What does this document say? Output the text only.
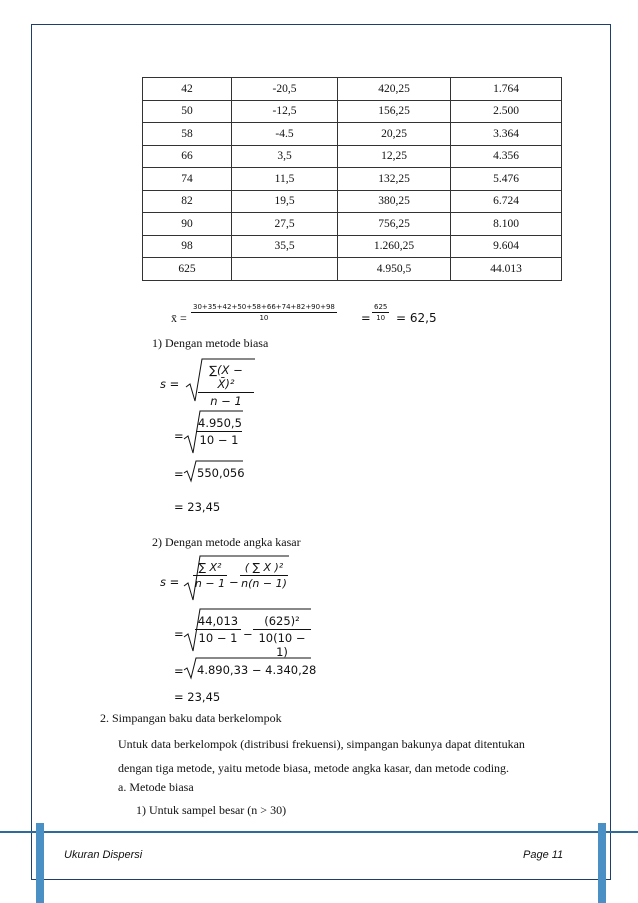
42	-20,5	420,25	1.764
50	-12,5	156,25	2.500
58	-4.5	20,25	3.364
66	3,5	12,25	4.356
74	11,5	132,25	5.476
82	19,5	380,25	6.724
90	27,5	756,25	8.100
98	35,5	1.260,25	9.604
625		4.950,5	44.013
x̄ = $\frac{30+35+42+50+58+66+74+82+90+98}{10} = \frac{625}{10} = 62,5$
1) Dengan metode biasa
$s = \frac{\text{∑(X − X̄)²}}{n - 1}$
= $\frac{4.950,5}{10 - 1}$
= 550,056
= 23,45
2) Dengan metode angka kasar
$s = \frac{\text{∑ X²}}{n - 1} - \frac{\text{( ∑ X )²}}{n(n - 1)}$
= $\frac{44,013}{10 - 1} - \frac{\text{(625)²}}{10(10 - 1)}$
= 4.890,33 − 4.340,28
= 23,45
2. Simpangan baku data berkelompok
Untuk data berkelompok (distribusi frekuensi), simpangan bakunya dapat ditentukan
dengan tiga metode, yaitu metode biasa, metode angka kasar, dan metode coding.
a. Metode biasa
1) Untuk sampel besar (n > 30)
Ukuran Dispersi	Page 11
